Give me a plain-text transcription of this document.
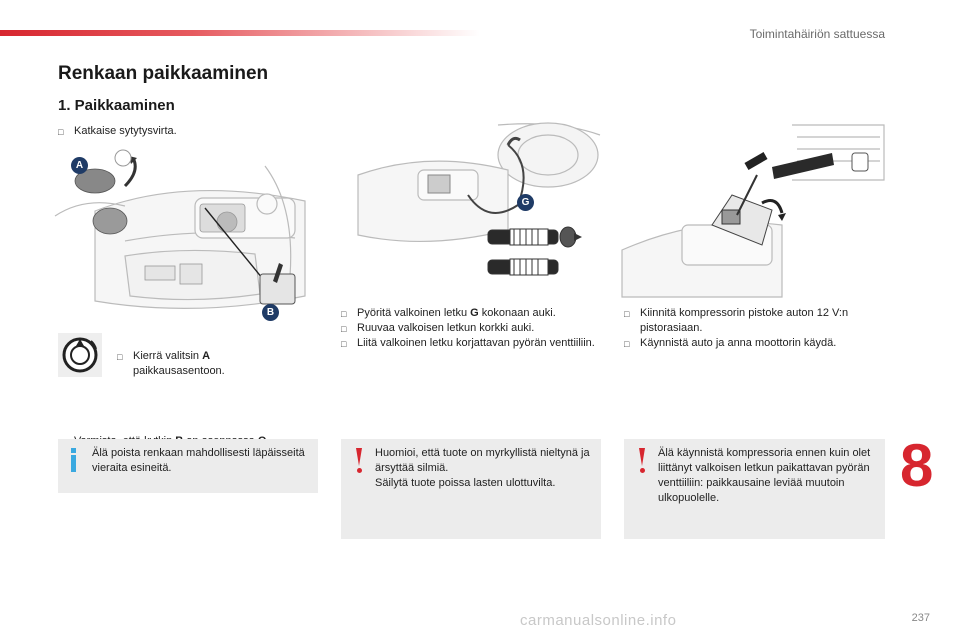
Toimintahäiriön sattuessa
Renkaan paikkaaminen
1. Paikkaaminen
□ Katkaise sytytysvirta.
A
B
□ Kierrä valitsin A
paikkausasentoon.
G
□ Pyöritä valkoinen letku G kokonaan auki.
□ Ruuvaa valkoisen letkun korkki auki.
□ Liitä valkoinen letku korjattavan pyörän venttiiliin.
□ Kiinnitä kompressorin pistoke auton 12 V:n pistorasiaan.
□ Käynnistä auto ja anna moottorin käydä.
Älä poista renkaan mahdollisesti läpäisseitä vieraita esineitä.
Huomioi, että tuote on myrkyllistä nieltynä ja ärsyttää silmiä.
Säilytä tuote poissa lasten ulottuvilta.
Älä käynnistä kompressoria ennen kuin olet liittänyt valkoisen letkun paikattavan pyörän venttiiliin: paikkausaine leviää muutoin ulkopuolelle.	8
carmanualsonline.info	237
